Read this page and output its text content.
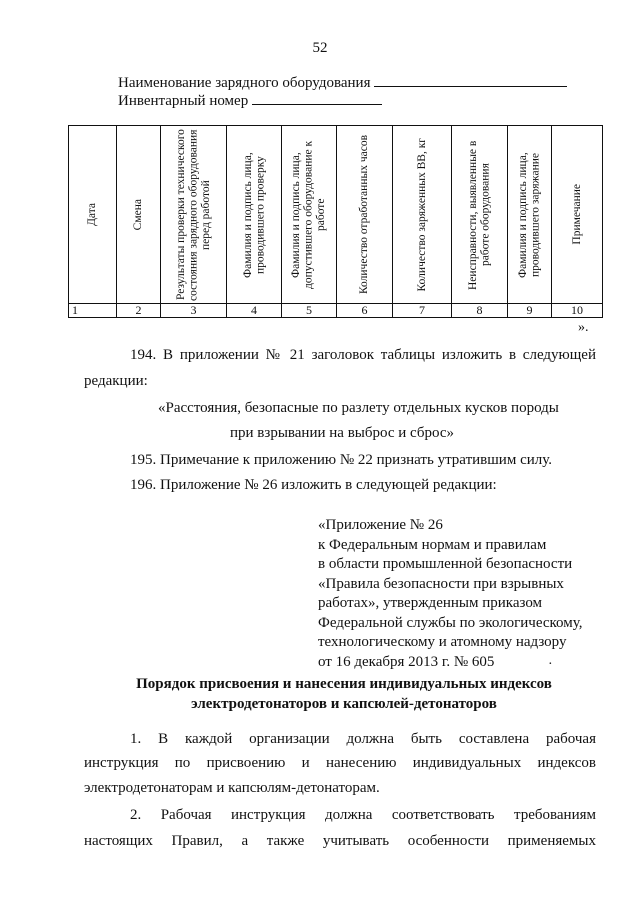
52
Наименование зарядного оборудования
Инвентарный номер
Дата	Смена	Результаты проверки технического состояния зарядного оборудования перед работой	Фамилия и подпись лица, проводившего проверку	Фамилия и подпись лица, допустившего оборудование к работе	Количество отработанных часов	Количество заряженных ВВ, кг	Неисправности, выявленные в работе оборудования	Фамилия и подпись лица, проводившего заряжание	Примечание

1	2	3	4	5	6	7	8	9	10
».
194. В приложении № 21 заголовок таблицы изложить в следующей
редакции:
«Расстояния, безопасные по разлету отдельных кусков породы
при взрывании на выброс и сброс»
195. Примечание к приложению № 22 признать утратившим силу.
196. Приложение № 26 изложить в следующей редакции:
«Приложение № 26
к Федеральным нормам и правилам
в области промышленной безопасности
«Правила безопасности при взрывных
работах», утвержденным приказом
Федеральной службы по экологическому,
технологическому и атомному надзору
от 16 декабря 2013 г. № 605	·
Порядок присвоения и нанесения индивидуальных индексов
электродетонаторов и капсюлей-детонаторов
1. В каждой организации должна быть составлена рабочая
инструкция по присвоению и нанесению индивидуальных индексов
электродетонаторам и капсюлям-детонаторам.
2. Рабочая инструкция должна соответствовать требованиям
настоящих Правил, а также учитывать особенности применяемых
